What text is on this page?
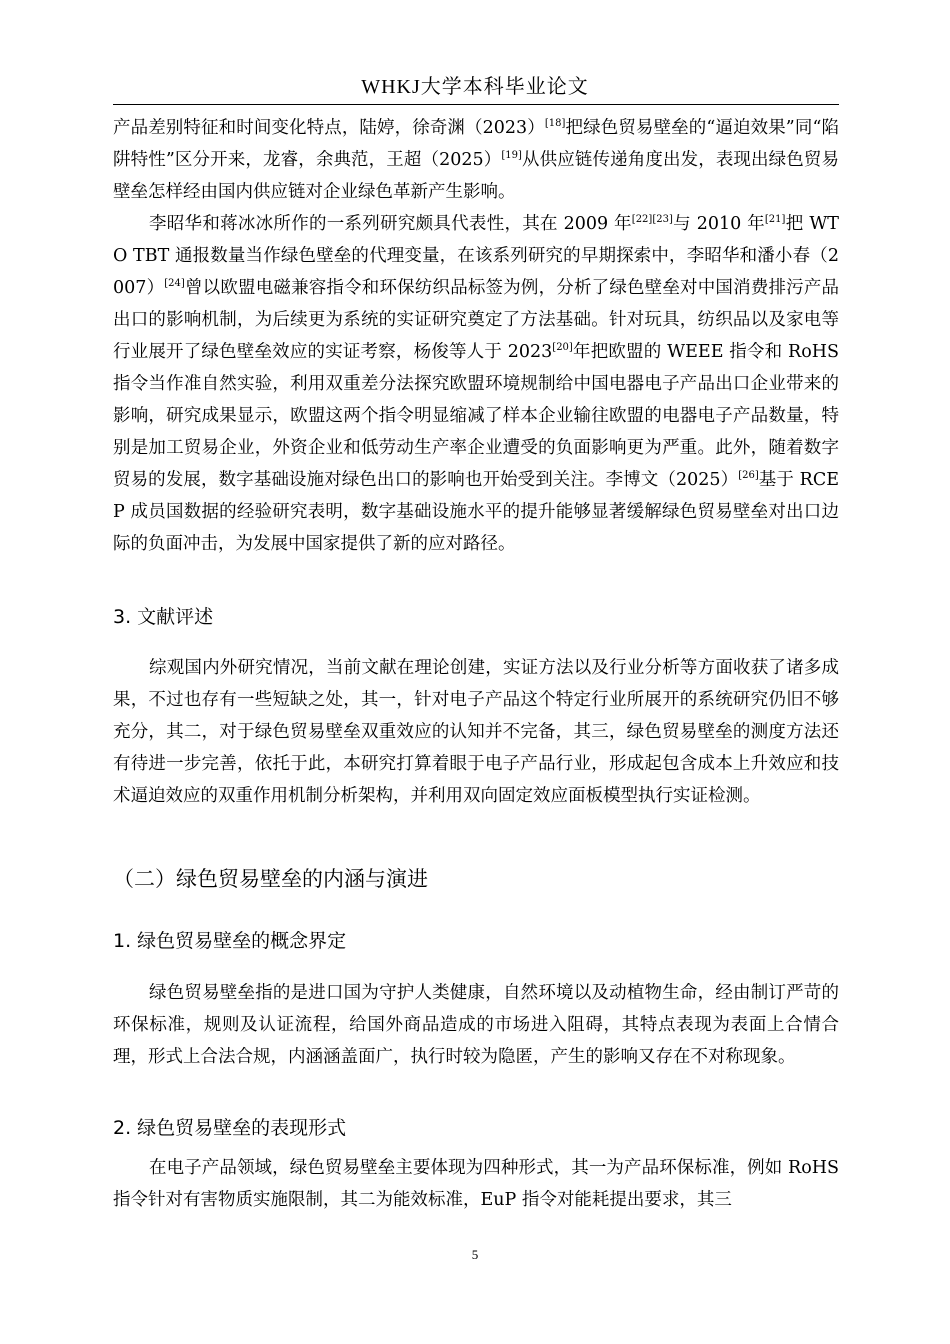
WHKJ大学本科毕业论文

产品差别特征和时间变化特点，陆婷，徐奇渊（2023）[18]把绿色贸易壁垒的“逼迫效果”同“陷阱特性”区分开来，龙睿，余典范，王超（2025）[19]从供应链传递角度出发，表现出绿色贸易壁垒怎样经由国内供应链对企业绿色革新产生影响。

李昭华和蒋冰冰所作的一系列研究颇具代表性，其在 2009 年[22][23]与 2010 年[21]把 WTO TBT 通报数量当作绿色壁垒的代理变量，在该系列研究的早期探索中，李昭华和潘小春（2007）[24]曾以欧盟电磁兼容指令和环保纺织品标签为例，分析了绿色壁垒对中国消费排污产品出口的影响机制，为后续更为系统的实证研究奠定了方法基础。针对玩具，纺织品以及家电等行业展开了绿色壁垒效应的实证考察，杨俊等人于 2023[20]年把欧盟的 WEEE 指令和 RoHS 指令当作准自然实验，利用双重差分法探究欧盟环境规制给中国电器电子产品出口企业带来的影响，研究成果显示，欧盟这两个指令明显缩减了样本企业输往欧盟的电器电子产品数量，特别是加工贸易企业，外资企业和低劳动生产率企业遭受的负面影响更为严重。此外，随着数字贸易的发展，数字基础设施对绿色出口的影响也开始受到关注。李博文（2025）[26]基于 RCEP 成员国数据的经验研究表明，数字基础设施水平的提升能够显著缓解绿色贸易壁垒对出口边际的负面冲击，为发展中国家提供了新的应对路径。

3. 文献评述

综观国内外研究情况，当前文献在理论创建，实证方法以及行业分析等方面收获了诸多成果，不过也存有一些短缺之处，其一，针对电子产品这个特定行业所展开的系统研究仍旧不够充分，其二，对于绿色贸易壁垒双重效应的认知并不完备，其三，绿色贸易壁垒的测度方法还有待进一步完善，依托于此，本研究打算着眼于电子产品行业，形成起包含成本上升效应和技术逼迫效应的双重作用机制分析架构，并利用双向固定效应面板模型执行实证检测。

（二）绿色贸易壁垒的内涵与演进
1. 绿色贸易壁垒的概念界定

绿色贸易壁垒指的是进口国为守护人类健康，自然环境以及动植物生命，经由制订严苛的环保标准，规则及认证流程，给国外商品造成的市场进入阻碍，其特点表现为表面上合情合理，形式上合法合规，内涵涵盖面广，执行时较为隐匿，产生的影响又存在不对称现象。

2. 绿色贸易壁垒的表现形式

在电子产品领域，绿色贸易壁垒主要体现为四种形式，其一为产品环保标准，例如 RoHS 指令针对有害物质实施限制，其二为能效标准，EuP 指令对能耗提出要求，其三

5
